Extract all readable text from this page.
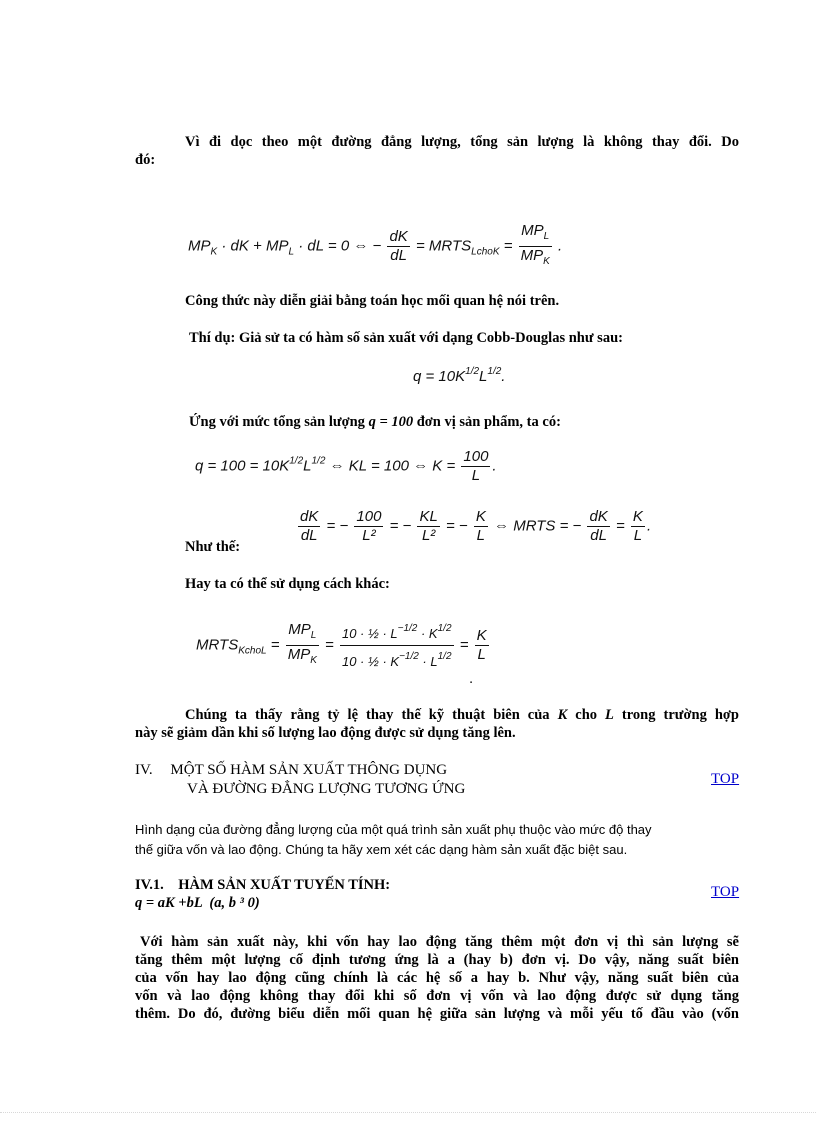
Vì đi dọc theo một đường đẳng lượng, tổng sản lượng là không thay đổi. Do
đó:
$MP_K$ · dK + $MP_L$ · dL = 0 ⇔ − $\frac{dK}{dL}$ = $MRTS_{LchoK} = \frac{MP_L}{MP_K}$ .
Công thức này diễn giải bằng toán học mối quan hệ nói trên.
Thí dụ: Giả sử ta có hàm số sản xuất với dạng Cobb-Douglas như sau:
$q = 10K^{1/2}L^{1/2}$.
Ứng với mức tổng sản lượng q = 100 đơn vị sản phẩm, ta có:
$q = 100 = 10K^{1/2}L^{1/2}$ ⇔ KL = 100 ⇔ $K = \frac{100}{L}$ .
Như thế:
$\frac{dK}{dL}$ = − $\frac{100}{\text{L²}}$ = − $\frac{KL}{\text{L²}}$ = − $\frac{K}{L}$ ⇔ MRTS = − $\frac{dK}{dL} = \frac{K}{L}$ .
Hay ta có thể sử dụng cách khác:
$MRTS_{KchoL} = \frac{MP_L}{MP_K} = \frac{10 \cdot \frac{1}{2} \cdot L^{-1/2} \cdot K^{1/2}}{10 \cdot \frac{1}{2} \cdot K^{-1/2} \cdot L^{1/2}} = \frac{K}{L}$
.
Chúng ta thấy rằng tỷ lệ thay thế kỹ thuật biên của K cho L trong trường hợp
này sẽ giảm dần khi số lượng lao động được sử dụng tăng lên.
IV. MỘT SỐ HÀM SẢN XUẤT THÔNG DỤNG
VÀ ĐƯỜNG ĐẲNG LƯỢNG TƯƠNG ỨNG
TOP
Hình dạng của đường đẳng lượng của một quá trình sản xuất phụ thuộc vào mức độ thay
thế giữa vốn và lao động. Chúng ta hãy xem xét các dạng hàm sản xuất đặc biệt sau.
IV.1.    HÀM SẢN XUẤT TUYẾN TÍNH:
q = aK +bL  (a, b ³ 0)
TOP
Với hàm sản xuất này, khi vốn hay lao động tăng thêm một đơn vị thì sản lượng sẽ
tăng thêm một lượng cố định tương ứng là a (hay b) đơn vị. Do vậy, năng suất biên
của vốn hay lao động cũng chính là các hệ số a hay b. Như vậy, năng suất biên của
vốn và lao động không thay đổi khi số đơn vị vốn và lao động được sử dụng tăng
thêm. Do đó, đường biểu diễn mối quan hệ giữa sản lượng và mỗi yếu tố đầu vào (vốn
